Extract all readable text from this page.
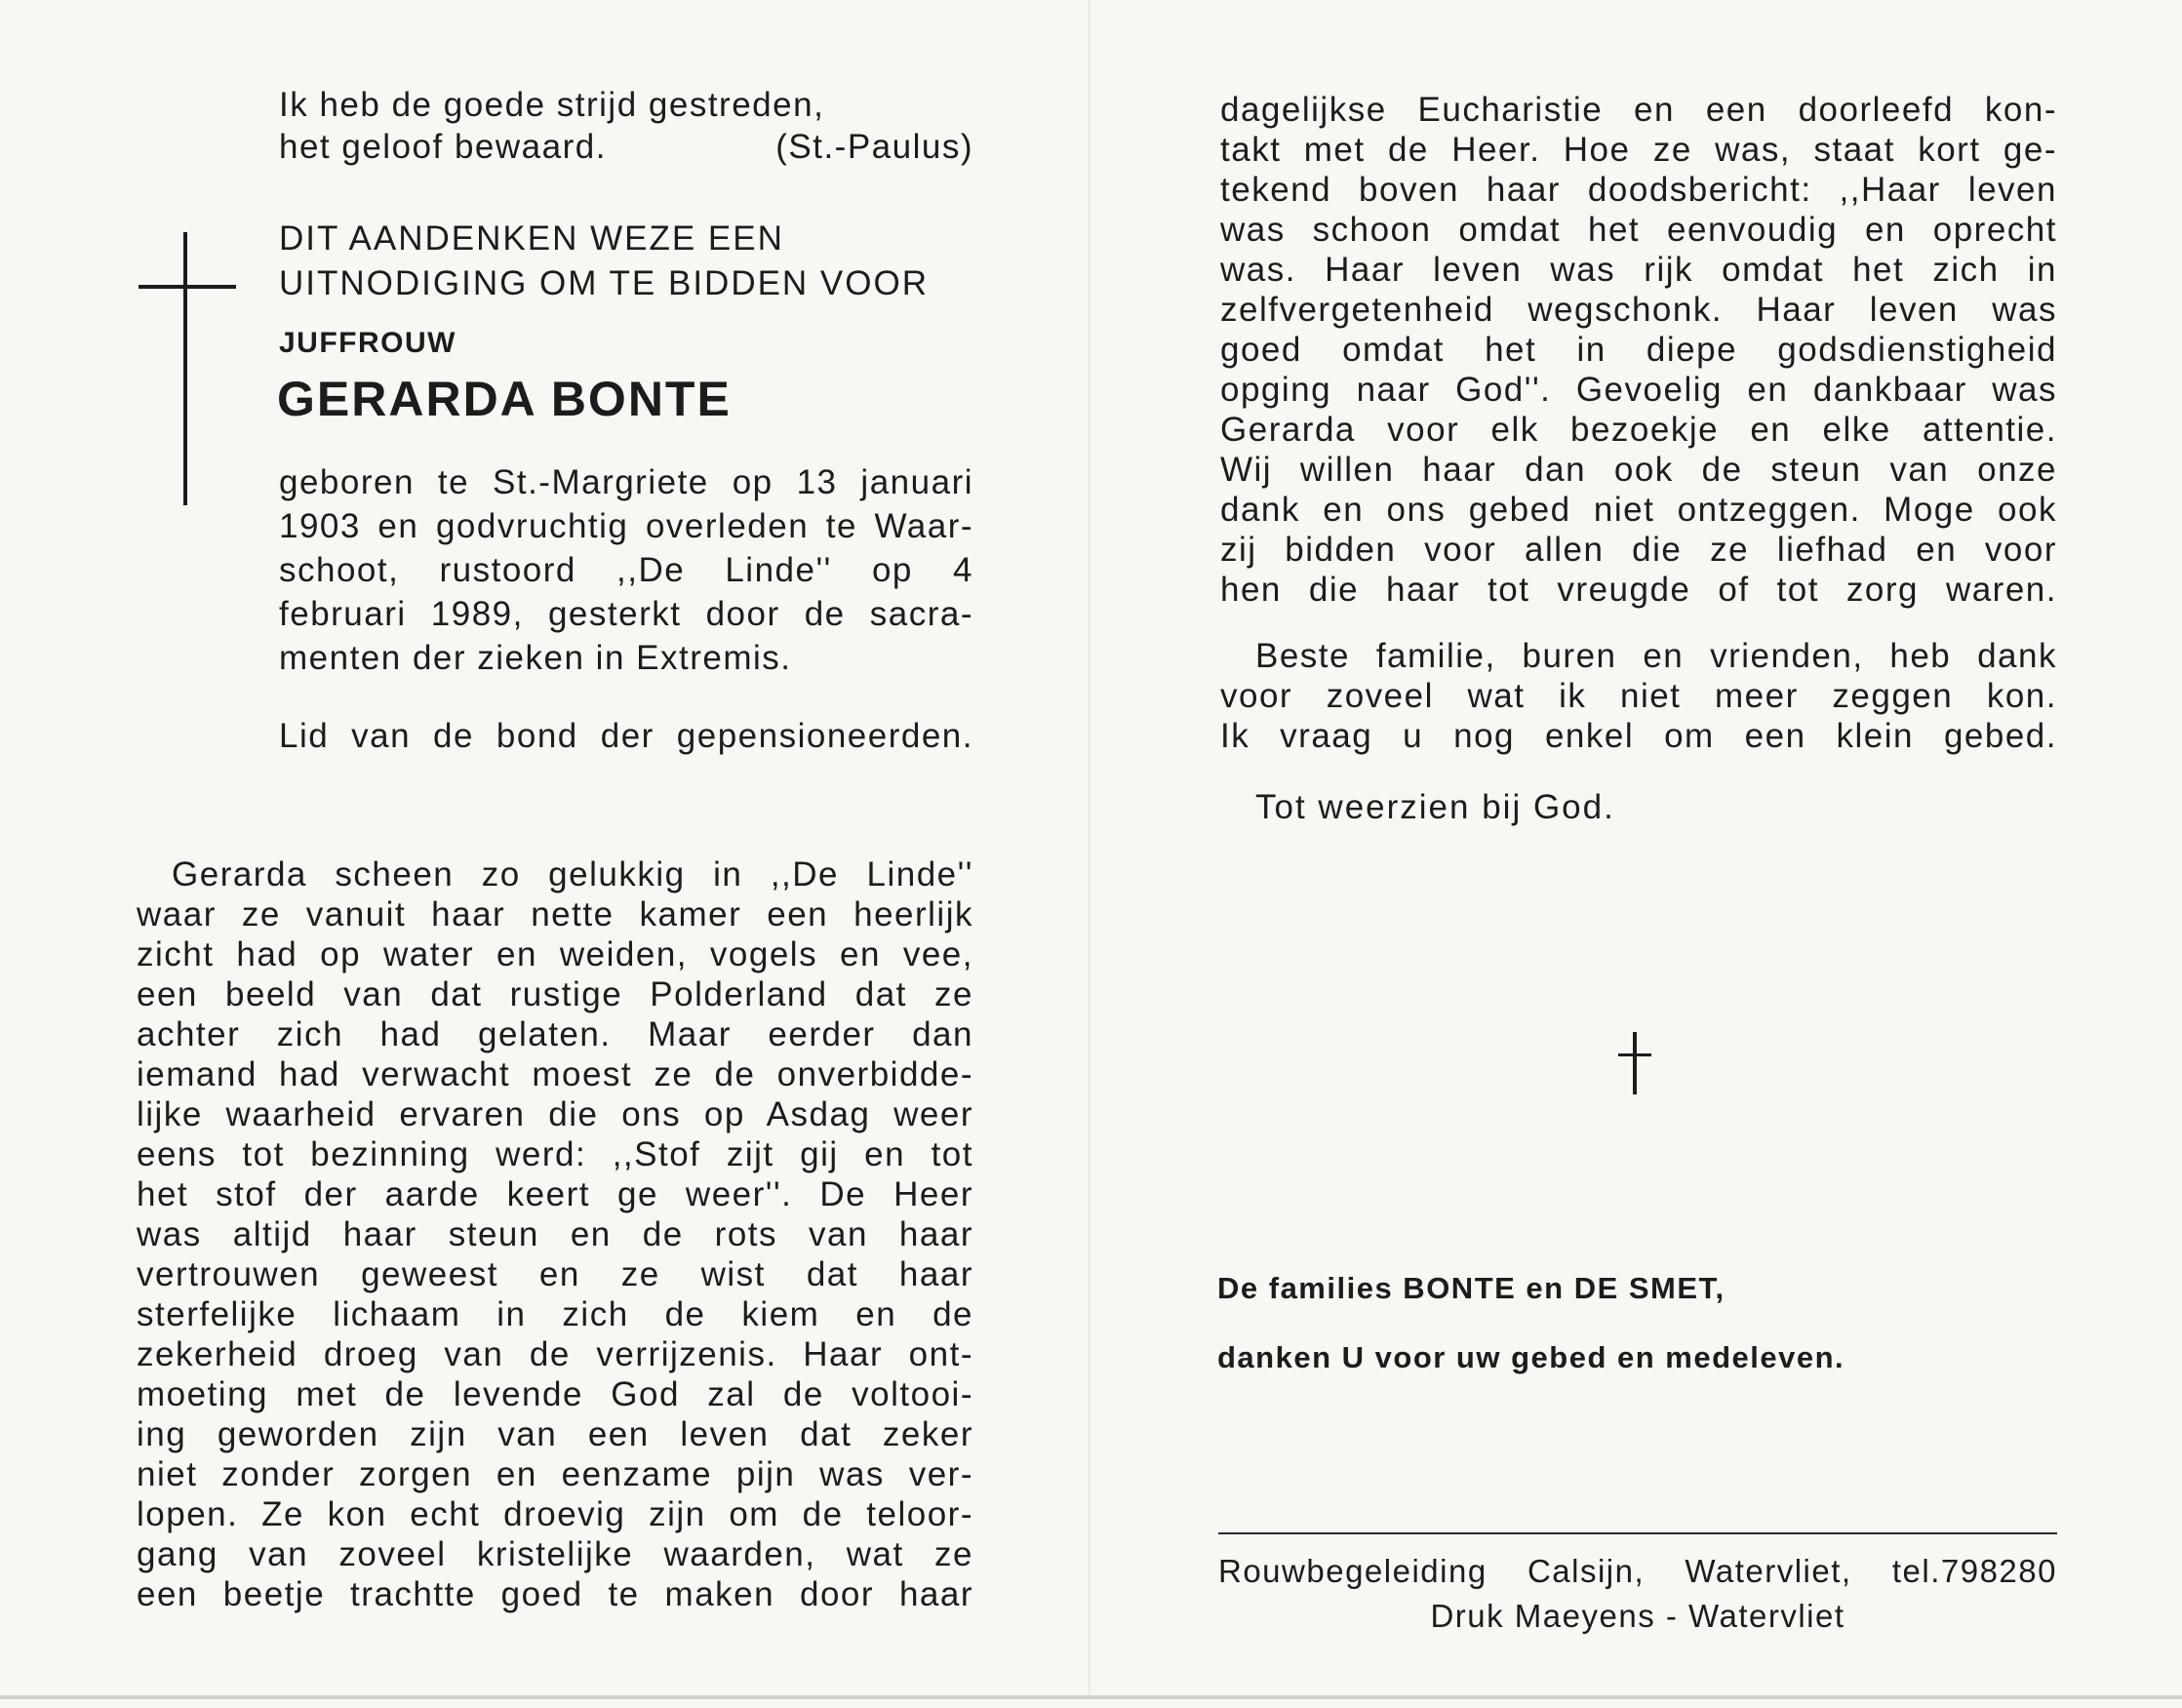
Ik heb de goede strijd gestreden,
het geloof bewaard.	(St.-Paulus)
DIT AANDENKEN WEZE EEN
UITNODIGING OM TE BIDDEN VOOR
JUFFROUW
GERARDA BONTE
geboren te St.-Margriete op 13 januari
1903 en godvruchtig overleden te Waar-
schoot, rustoord ,,De Linde'' op 4
februari 1989, gesterkt door de sacra-
menten der zieken in Extremis.
Lid van de bond der gepensioneerden.
Gerarda scheen zo gelukkig in ,,De Linde''
waar ze vanuit haar nette kamer een heerlijk
zicht had op water en weiden, vogels en vee,
een beeld van dat rustige Polderland dat ze
achter zich had gelaten. Maar eerder dan
iemand had verwacht moest ze de onverbidde-
lijke waarheid ervaren die ons op Asdag weer
eens tot bezinning werd: ,,Stof zijt gij en tot
het stof der aarde keert ge weer''. De Heer
was altijd haar steun en de rots van haar
vertrouwen geweest en ze wist dat haar
sterfelijke lichaam in zich de kiem en de
zekerheid droeg van de verrijzenis. Haar ont-
moeting met de levende God zal de voltooi-
ing geworden zijn van een leven dat zeker
niet zonder zorgen en eenzame pijn was ver-
lopen. Ze kon echt droevig zijn om de teloor-
gang van zoveel kristelijke waarden, wat ze
een beetje trachtte goed te maken door haar
dagelijkse Eucharistie en een doorleefd kon-
takt met de Heer. Hoe ze was, staat kort ge-
tekend boven haar doodsbericht: ,,Haar leven
was schoon omdat het eenvoudig en oprecht
was. Haar leven was rijk omdat het zich in
zelfvergetenheid wegschonk. Haar leven was
goed omdat het in diepe godsdienstigheid
opging naar God''. Gevoelig en dankbaar was
Gerarda voor elk bezoekje en elke attentie.
Wij willen haar dan ook de steun van onze
dank en ons gebed niet ontzeggen. Moge ook
zij bidden voor allen die ze liefhad en voor
hen die haar tot vreugde of tot zorg waren.
Beste familie, buren en vrienden, heb dank
voor zoveel wat ik niet meer zeggen kon.
Ik vraag u nog enkel om een klein gebed.
Tot weerzien bij God.
De families BONTE en DE SMET,
danken U voor uw gebed en medeleven.
Rouwbegeleiding Calsijn, Watervliet, tel.798280
Druk Maeyens - Watervliet
